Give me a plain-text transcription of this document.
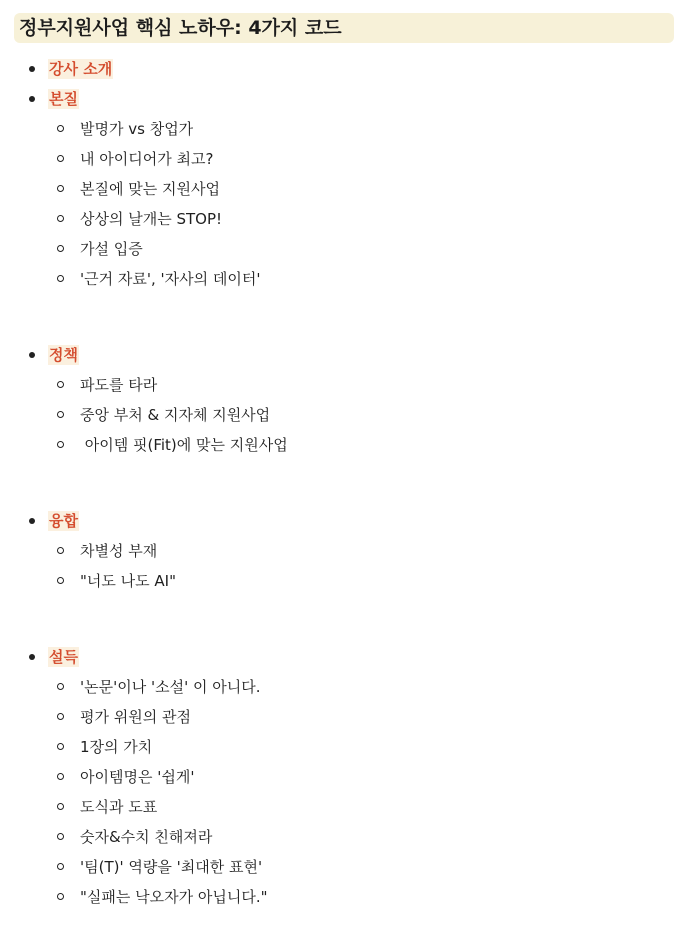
정부지원사업 핵심 노하우: 4가지 코드
강사 소개
본질
발명가 vs 창업가
내 아이디어가 최고?
본질에 맞는 지원사업
상상의 날개는 STOP!
가설 입증
'근거 자료', '자사의 데이터'
정책
파도를 타라
중앙 부처 & 지자체 지원사업
아이템 핏(Fit)에 맞는 지원사업
융합
차별성 부재
"너도 나도 AI"
설득
'논문'이나 '소설' 이 아니다.
평가 위원의 관점
1장의 가치
아이템명은 '쉽게'
도식과 도표
숫자&수치 친해져라
'팀(T)' 역량을 '최대한 표현'
"실패는 낙오자가 아닙니다."
